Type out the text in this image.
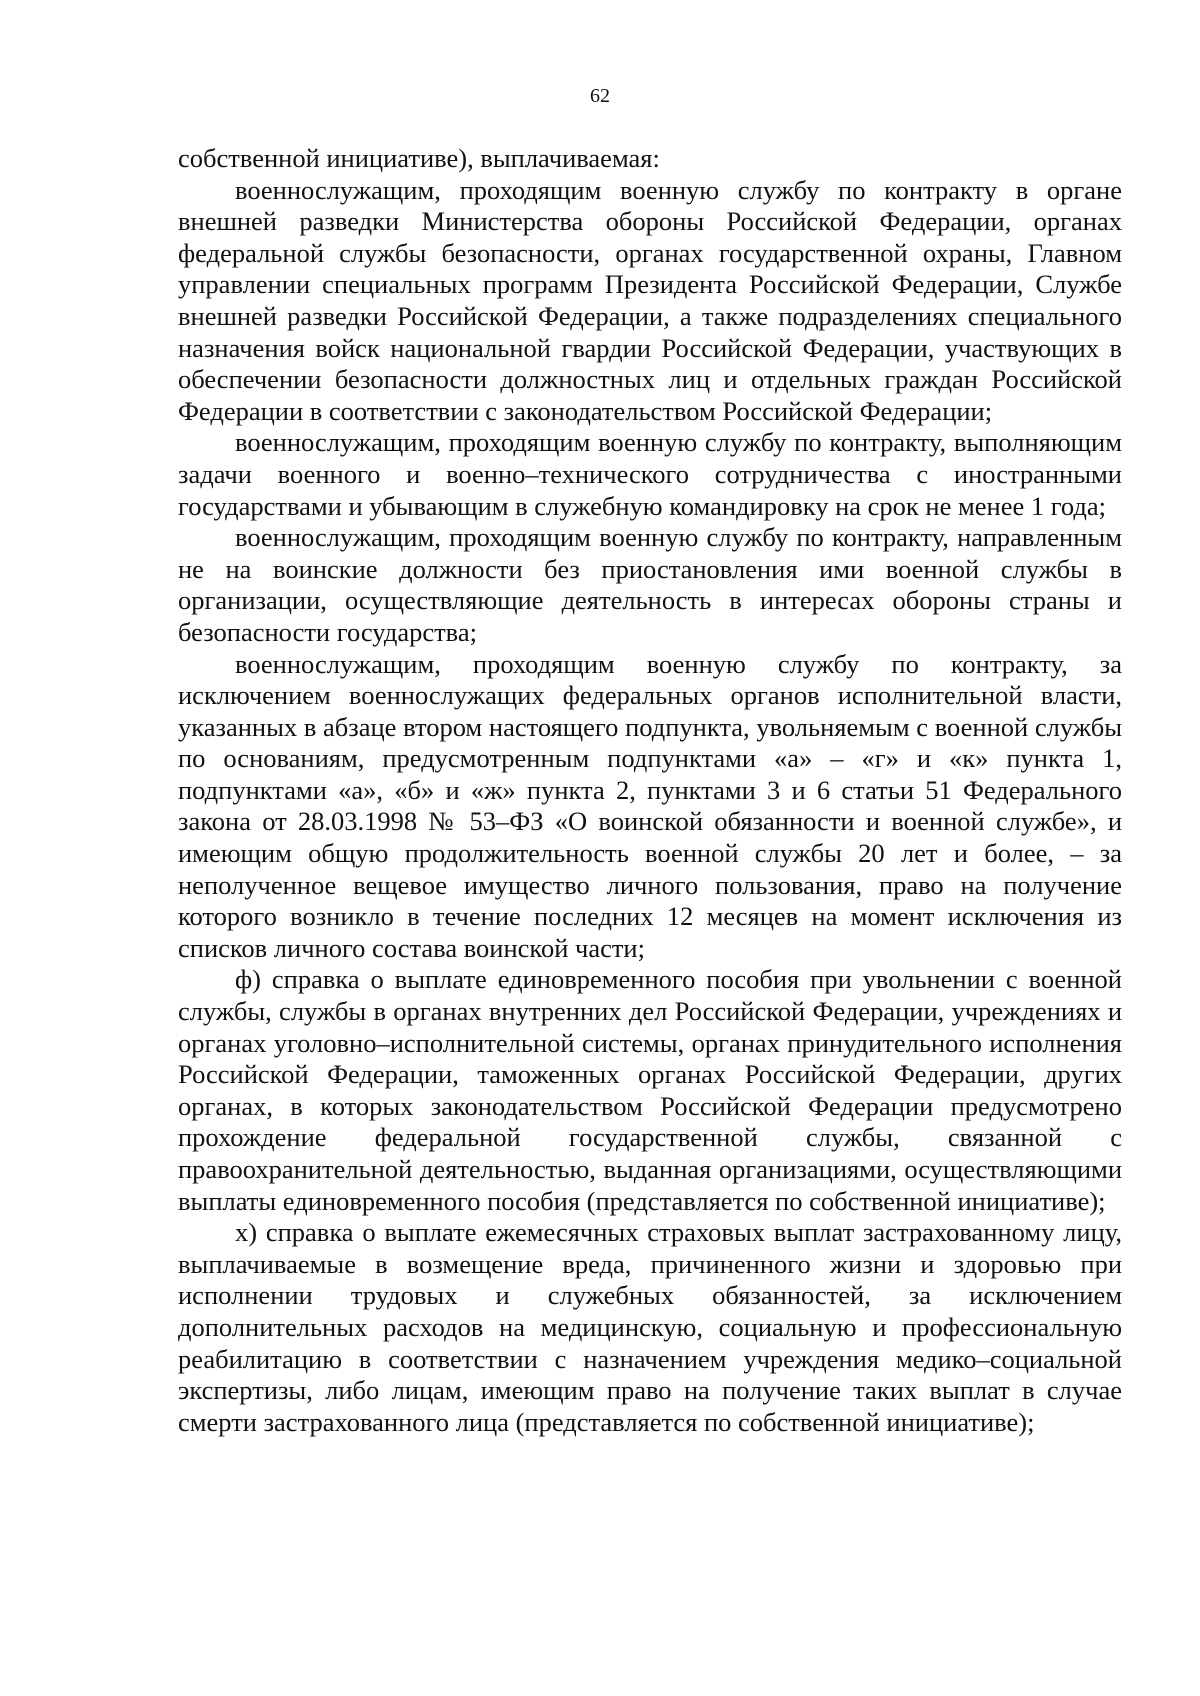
62

собственной инициативе), выплачиваемая:

военнослужащим, проходящим военную службу по контракту в органе внешней разведки Министерства обороны Российской Федерации, органах федеральной службы безопасности, органах государственной охраны, Главном управлении специальных программ Президента Российской Федерации, Службе внешней разведки Российской Федерации, а также подразделениях специального назначения войск национальной гвардии Российской Федерации, участвующих в обеспечении безопасности должностных лиц и отдельных граждан Российской Федерации в соответствии с законодательством Российской Федерации;

военнослужащим, проходящим военную службу по контракту, выполняющим задачи военного и военно–технического сотрудничества с иностранными государствами и убывающим в служебную командировку на срок не менее 1 года;

военнослужащим, проходящим военную службу по контракту, направленным не на воинские должности без приостановления ими военной службы в организации, осуществляющие деятельность в интересах обороны страны и безопасности государства;

военнослужащим, проходящим военную службу по контракту, за исключением военнослужащих федеральных органов исполнительной власти, указанных в абзаце втором настоящего подпункта, увольняемым с военной службы по основаниям, предусмотренным подпунктами «а» – «г» и «к» пункта 1, подпунктами «а», «б» и «ж» пункта 2, пунктами 3 и 6 статьи 51 Федерального закона от 28.03.1998 № 53–ФЗ «О воинской обязанности и военной службе», и имеющим общую продолжительность военной службы 20 лет и более, – за неполученное вещевое имущество личного пользования, право на получение которого возникло в течение последних 12 месяцев на момент исключения из списков личного состава воинской части;

ф) справка о выплате единовременного пособия при увольнении с военной службы, службы в органах внутренних дел Российской Федерации, учреждениях и органах уголовно–исполнительной системы, органах принудительного исполнения Российской Федерации, таможенных органах Российской Федерации, других органах, в которых законодательством Российской Федерации предусмотрено прохождение федеральной государственной службы, связанной с правоохранительной деятельностью, выданная организациями, осуществляющими выплаты единовременного пособия (представляется по собственной инициативе);

х) справка о выплате ежемесячных страховых выплат застрахованному лицу, выплачиваемые в возмещение вреда, причиненного жизни и здоровью при исполнении трудовых и служебных обязанностей, за исключением дополнительных расходов на медицинскую, социальную и профессиональную реабилитацию в соответствии с назначением учреждения медико–социальной экспертизы, либо лицам, имеющим право на получение таких выплат в случае смерти застрахованного лица (представляется по собственной инициативе);
